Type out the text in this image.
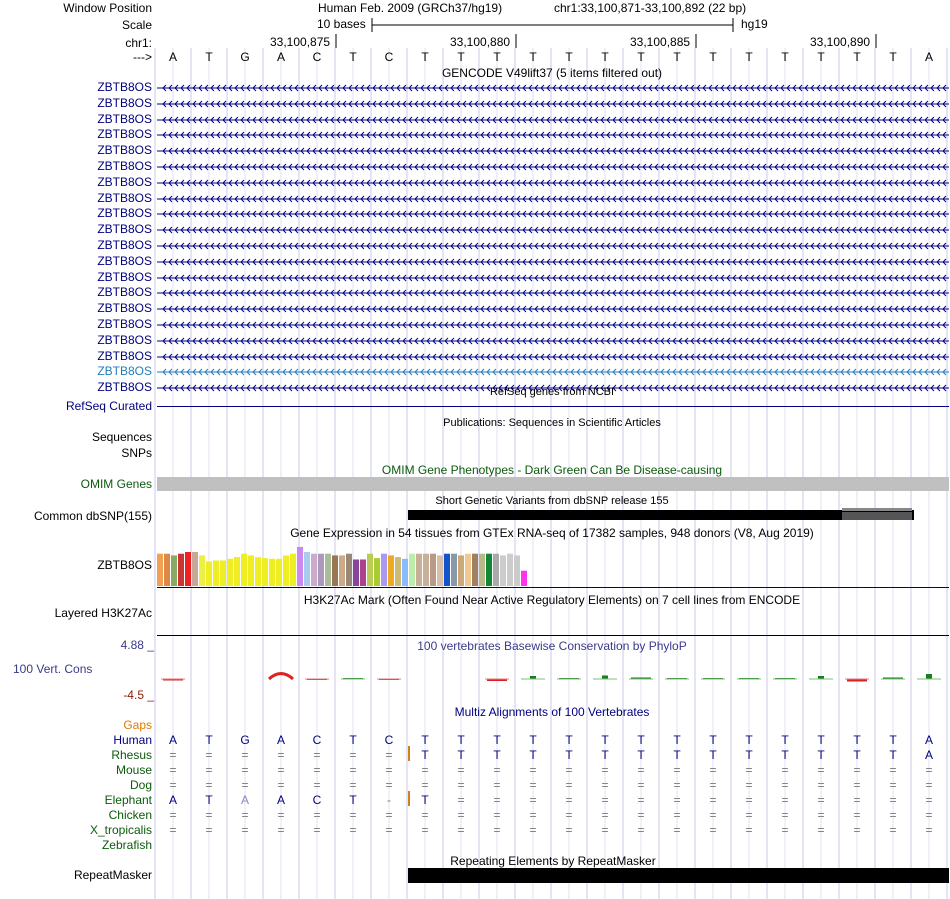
Window Position
Scale
chr1:
--->
Human Feb. 2009 (GRCh37/hg19)	chr1:33,100,871-33,100,892 (22 bp)
10 bases	hg19
33,100,875	33,100,880	33,100,885	33,100,890
A	T	G	A	C	T	C	T	T	T	T	T	T	T	T	T	T	T	T	T	T	A
GENCODE V49lift37 (5 items filtered out)
ZBTB8OS
ZBTB8OS
ZBTB8OS
ZBTB8OS
ZBTB8OS
ZBTB8OS
ZBTB8OS
ZBTB8OS
ZBTB8OS
ZBTB8OS
ZBTB8OS
ZBTB8OS
ZBTB8OS
ZBTB8OS
ZBTB8OS
ZBTB8OS
ZBTB8OS
ZBTB8OS
ZBTB8OS
ZBTB8OS	RefSeq genes from NCBI
RefSeq Curated
Publications: Sequences in Scientific Articles
Sequences
SNPs
OMIM Gene Phenotypes - Dark Green Can Be Disease-causing
OMIM Genes
Short Genetic Variants from dbSNP release 155
Common dbSNP(155)
Gene Expression in 54 tissues from GTEx RNA-seq of 17382 samples, 948 donors (V8, Aug 2019)
ZBTB8OS
H3K27Ac Mark (Often Found Near Active Regulatory Elements) on 7 cell lines from ENCODE
Layered H3K27Ac
100 vertebrates Basewise Conservation by PhyloP
4.88 _
100 Vert. Cons
-4.5 _
Multiz Alignments of 100 Vertebrates
Gaps
Human	A	T	G	A	C	T	C	T	T	T	T	T	T	T	T	T	T	T	T	T	T	A
Rhesus	=	=	=	=	=	=	=	T	T	T	T	T	T	T	T	T	T	T	T	T	T	A
Mouse	=	=	=	=	=	=	=	=	=	=	=	=	=	=	=	=	=	=	=	=	=	=
Dog	=	=	=	=	=	=	=	=	=	=	=	=	=	=	=	=	=	=	=	=	=	=
Elephant	A	T	A	A	C	T	-	T	=	=	=	=	=	=	=	=	=	=	=	=	=	=
Chicken	=	=	=	=	=	=	=	=	=	=	=	=	=	=	=	=	=	=	=	=	=	=
X_tropicalis	=	=	=	=	=	=	=	=	=	=	=	=	=	=	=	=	=	=	=	=	=	=
Zebrafish
Repeating Elements by RepeatMasker
RepeatMasker
